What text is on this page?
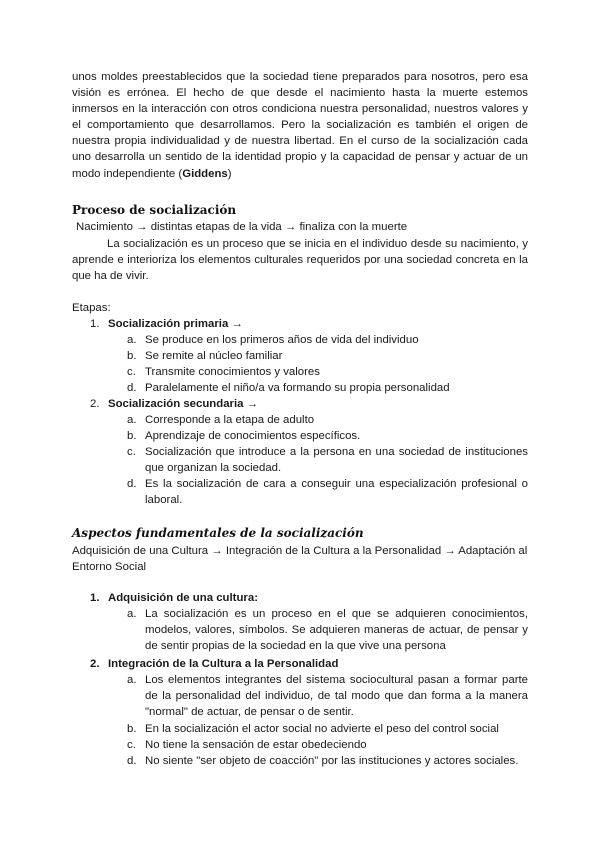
unos moldes preestablecidos que la sociedad tiene preparados para nosotros, pero esa visión es errónea. El hecho de que desde el nacimiento hasta la muerte estemos inmersos en la interacción con otros condiciona nuestra personalidad, nuestros valores y el comportamiento que desarrollamos. Pero la socialización es también el origen de nuestra propia individualidad y de nuestra libertad. En el curso de la socialización cada uno desarrolla un sentido de la identidad propio y la capacidad de pensar y actuar de un modo independiente (Giddens)
Proceso de socialización
Nacimiento → distintas etapas de la vida → finaliza con la muerte
La socialización es un proceso que se inicia en el individuo desde su nacimiento, y aprende e interioriza los elementos culturales requeridos por una sociedad concreta en la que ha de vivir.
Etapas:
1. Socialización primaria →
a. Se produce en los primeros años de vida del individuo
b. Se remite al núcleo familiar
c. Transmite conocimientos y valores
d. Paralelamente el niño/a va formando su propia personalidad
2. Socialización secundaria →
a. Corresponde a la etapa de adulto
b. Aprendizaje de conocimientos específicos.
c. Socialización que introduce a la persona en una sociedad de instituciones que organizan la sociedad.
d. Es la socialización de cara a conseguir una especialización profesional o laboral.
Aspectos fundamentales de la socialización
Adquisición de una Cultura → Integración de la Cultura a la Personalidad → Adaptación al Entorno Social
1. Adquisición de una cultura:
a. La socialización es un proceso en el que se adquieren conocimientos, modelos, valores, símbolos. Se adquieren maneras de actuar, de pensar y de sentir propias de la sociedad en la que vive una persona
2. Integración de la Cultura a la Personalidad
a. Los elementos integrantes del sistema sociocultural pasan a formar parte de la personalidad del individuo, de tal modo que dan forma a la manera "normal" de actuar, de pensar o de sentir.
b. En la socialización el actor social no advierte el peso del control social
c. No tiene la sensación de estar obedeciendo
d. No siente "ser objeto de coacción" por las instituciones y actores sociales.
